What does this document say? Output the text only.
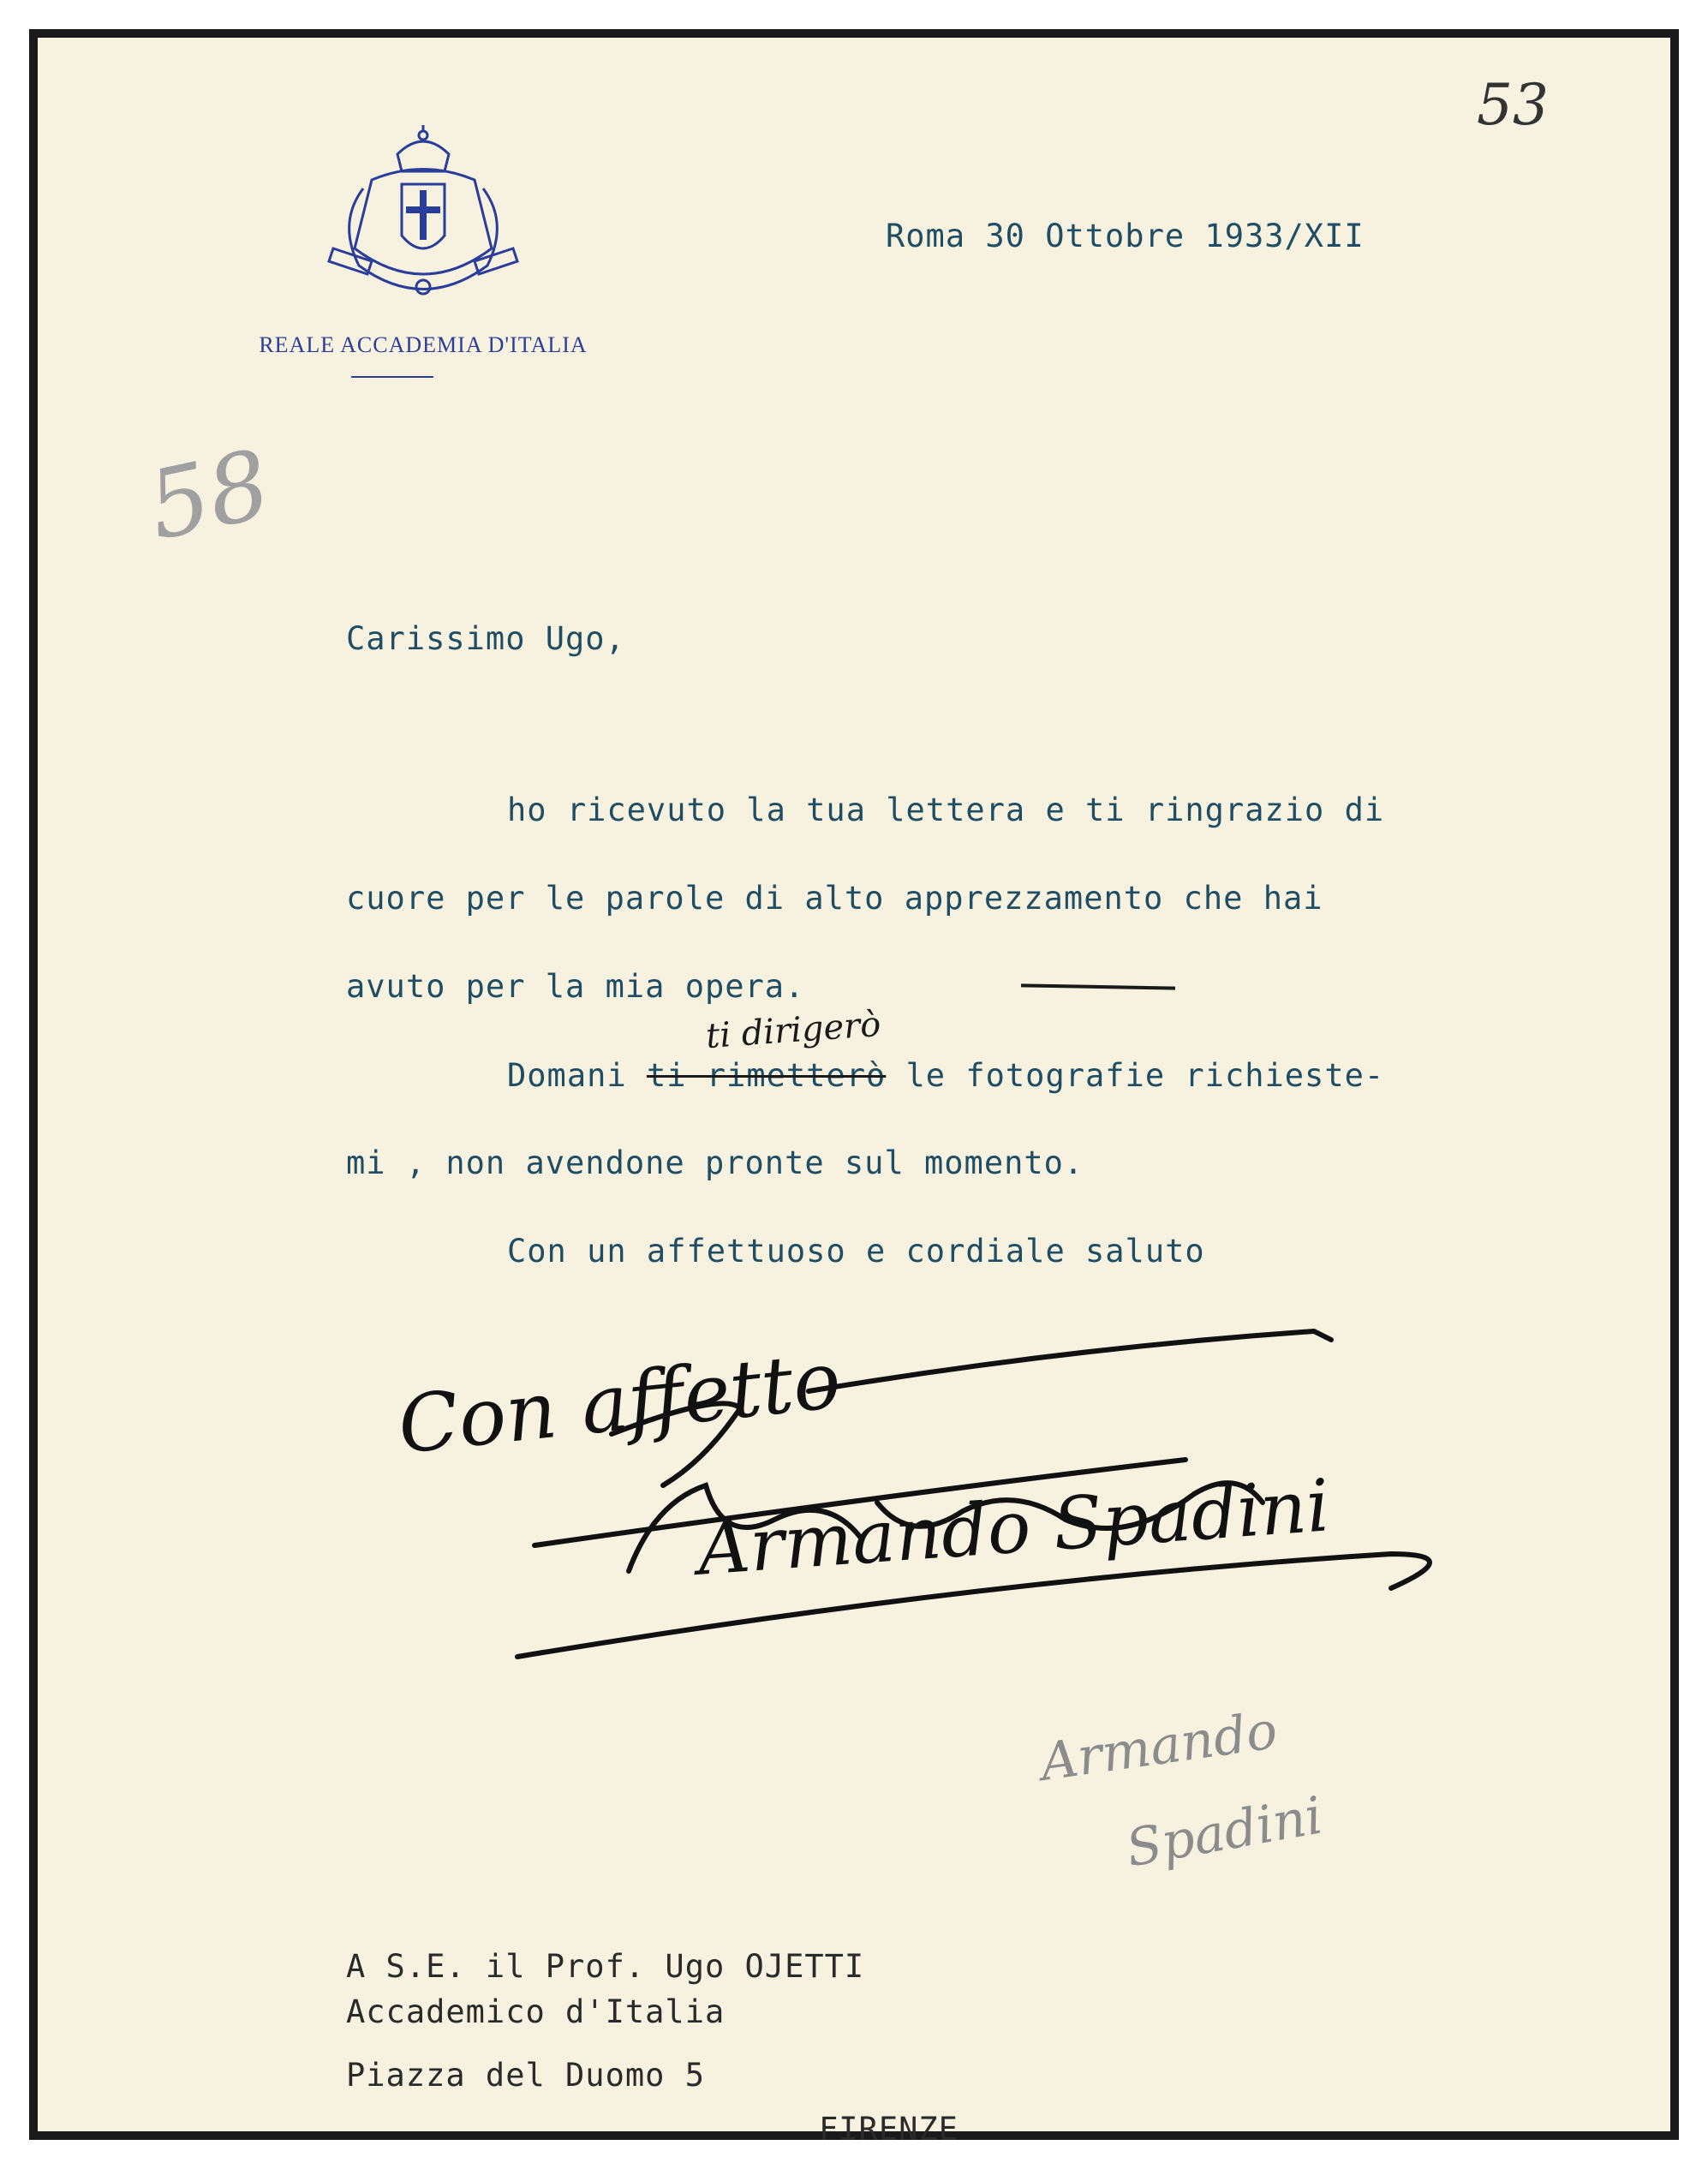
53
REALE ACCADEMIA D'ITALIA
Roma 30 Ottobre 1933/XII
58
Carissimo Ugo,
ho ricevuto la tua lettera e ti ringrazio di
cuore per le parole di alto apprezzamento che hai
avuto per la mia opera.
ti dirigerò
Domani ti rimetterò le fotografie richieste-
mi , non avendone pronte sul momento.
Con un affettuoso e cordiale saluto
Con affetto
Armando Spadini
Armando
Spadini
A S.E. il Prof. Ugo OJETTI
Accademico d'Italia
Piazza del Duomo 5
FIRENZE
